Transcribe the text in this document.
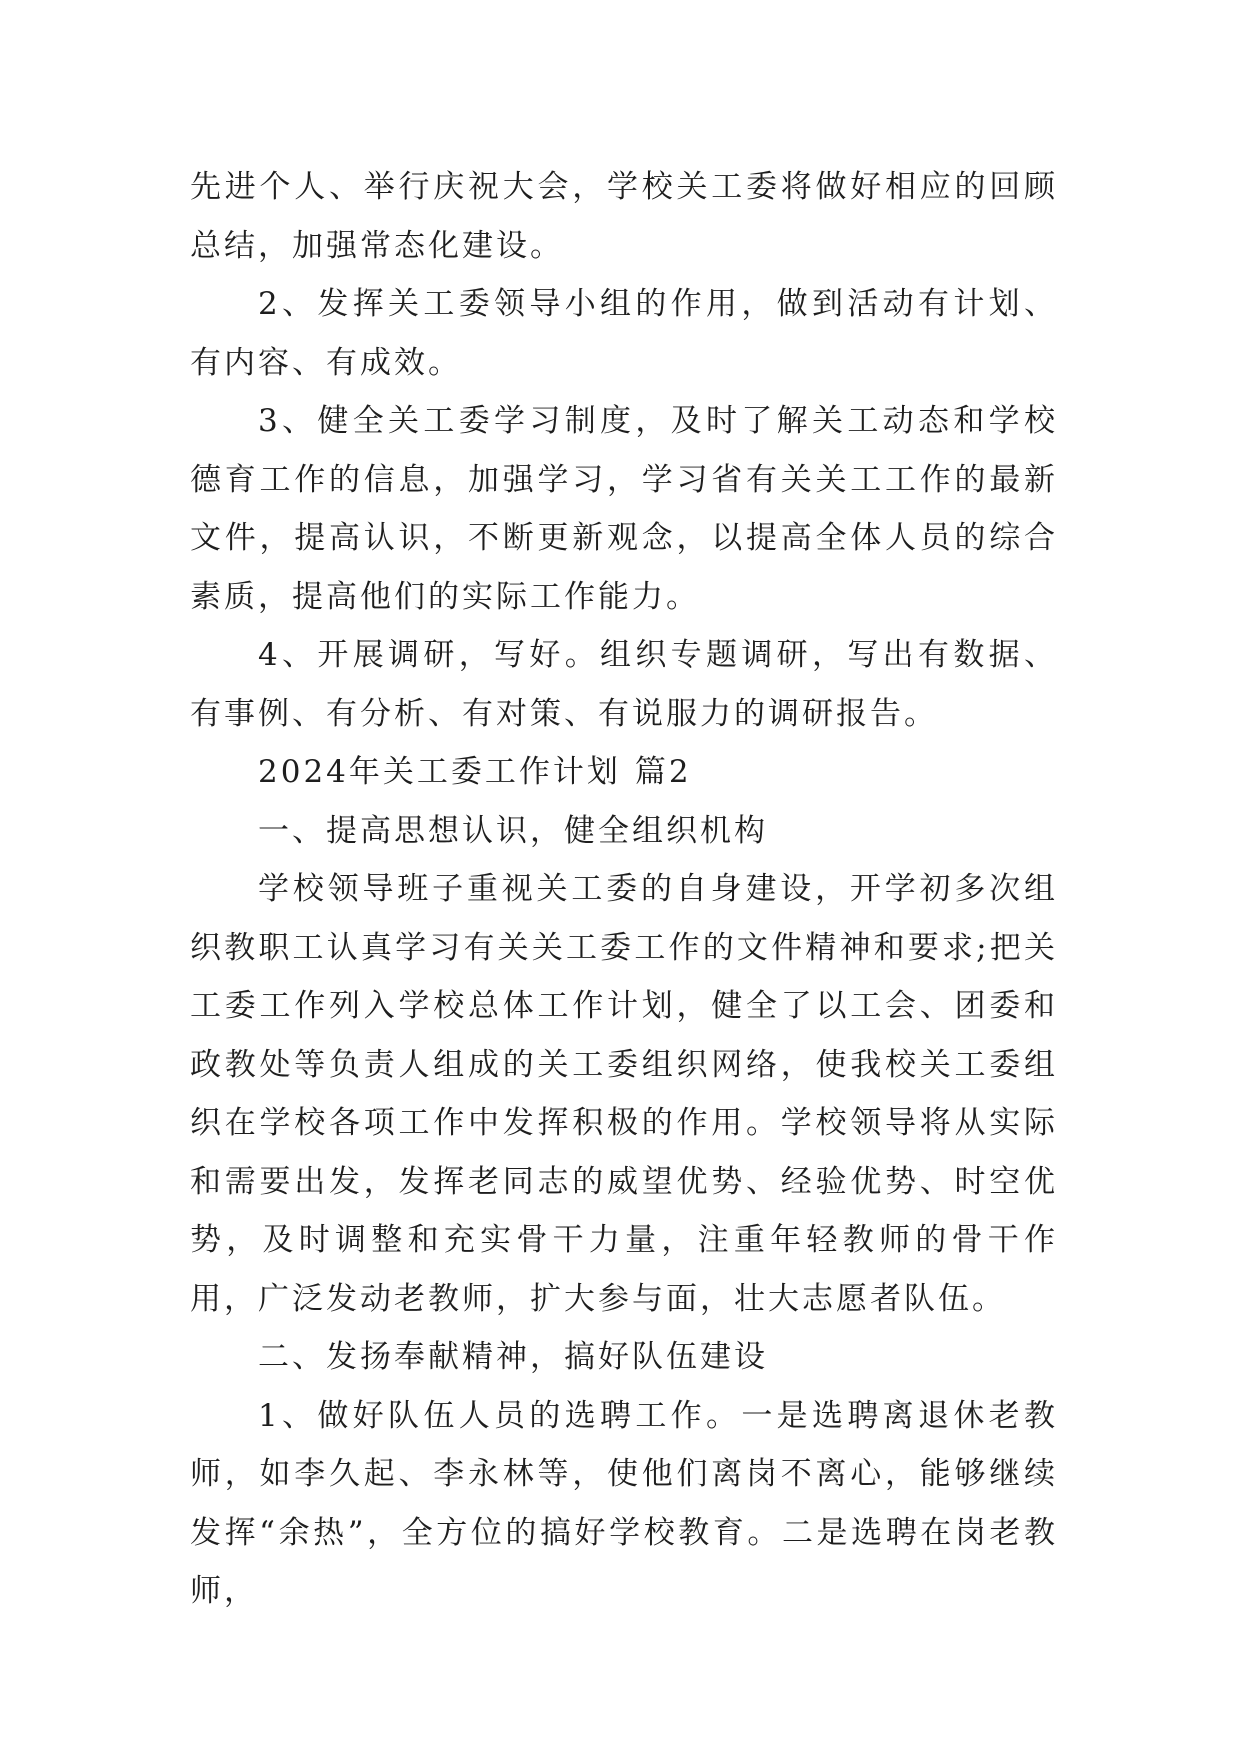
先进个人、举行庆祝大会，学校关工委将做好相应的回顾总结，加强常态化建设。

2、发挥关工委领导小组的作用，做到活动有计划、有内容、有成效。

3、健全关工委学习制度，及时了解关工动态和学校德育工作的信息，加强学习，学习省有关关工工作的最新文件，提高认识，不断更新观念，以提高全体人员的综合素质，提高他们的实际工作能力。

4、开展调研，写好。组织专题调研，写出有数据、有事例、有分析、有对策、有说服力的调研报告。

2024年关工委工作计划 篇2

一、提高思想认识，健全组织机构

学校领导班子重视关工委的自身建设，开学初多次组织教职工认真学习有关关工委工作的文件精神和要求;把关工委工作列入学校总体工作计划，健全了以工会、团委和政教处等负责人组成的关工委组织网络，使我校关工委组织在学校各项工作中发挥积极的作用。学校领导将从实际和需要出发，发挥老同志的威望优势、经验优势、时空优势，及时调整和充实骨干力量，注重年轻教师的骨干作用，广泛发动老教师，扩大参与面，壮大志愿者队伍。

二、发扬奉献精神，搞好队伍建设

1、做好队伍人员的选聘工作。一是选聘离退休老教师，如李久起、李永林等，使他们离岗不离心，能够继续发挥“余热”，全方位的搞好学校教育。二是选聘在岗老教师，
